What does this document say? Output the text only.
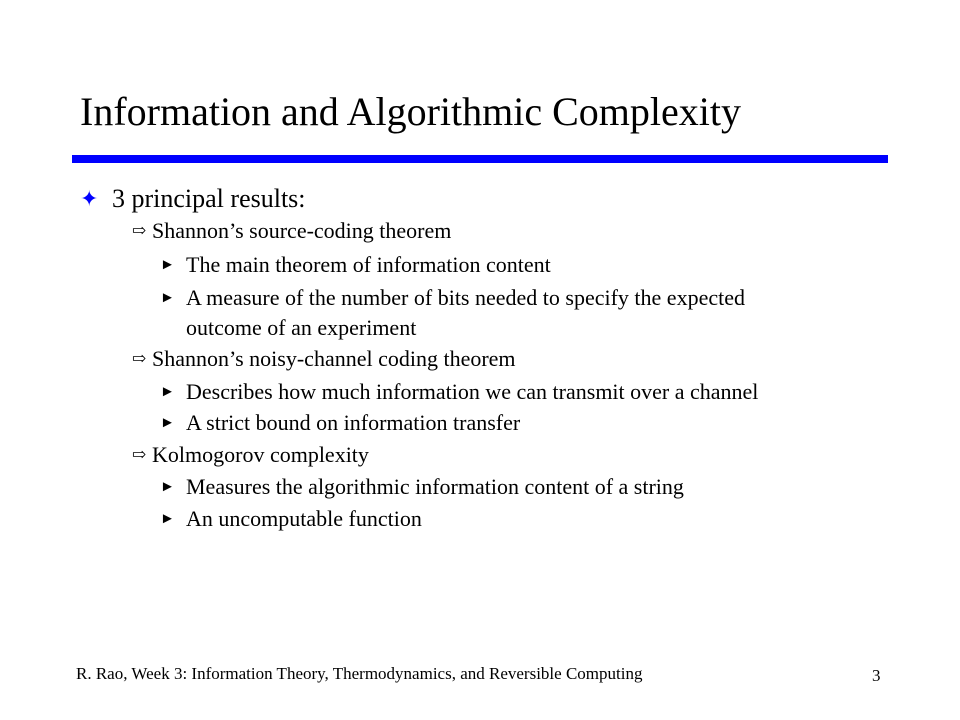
Information and Algorithmic Complexity
✦ 3 principal results:
⇨ Shannon’s source-coding theorem
► The main theorem of information content
► A measure of the number of bits needed to specify the expected
outcome of an experiment
⇨ Shannon’s noisy-channel coding theorem
► Describes how much information we can transmit over a channel
► A strict bound on information transfer
⇨ Kolmogorov complexity
► Measures the algorithmic information content of a string
► An uncomputable function
R. Rao, Week 3: Information Theory, Thermodynamics, and Reversible Computing	3
